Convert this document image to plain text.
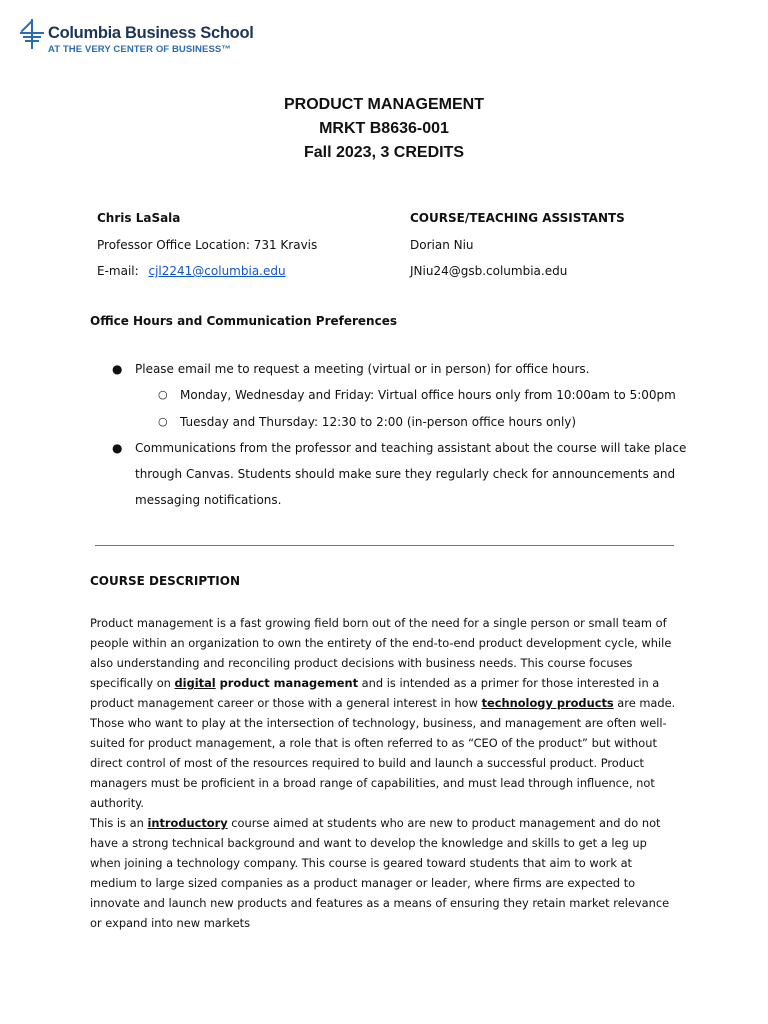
Columbia Business School
AT THE VERY CENTER OF BUSINESS™
PRODUCT MANAGEMENT
MRKT B8636-001
Fall 2023, 3 CREDITS
Chris LaSala
Professor Office Location: 731 Kravis
E-mail: cjl2241@columbia.edu
COURSE/TEACHING ASSISTANTS
Dorian Niu
JNiu24@gsb.columbia.edu
Office Hours and Communication Preferences
●	Please email me to request a meeting (virtual or in person) for office hours.
○	Monday, Wednesday and Friday: Virtual office hours only from 10:00am to 5:00pm
○	Tuesday and Thursday: 12:30 to 2:00 (in-person office hours only)
●	Communications from the professor and teaching assistant about the course will take place through Canvas. Students should make sure they regularly check for announcements and messaging notifications.
COURSE DESCRIPTION
Product management is a fast growing field born out of the need for a single person or small team of people within an organization to own the entirety of the end-to-end product development cycle, while also understanding and reconciling product decisions with business needs. This course focuses specifically on digital product management and is intended as a primer for those interested in a product management career or those with a general interest in how technology products are made. Those who want to play at the intersection of technology, business, and management are often well-suited for product management, a role that is often referred to as “CEO of the product” but without direct control of most of the resources required to build and launch a successful product. Product managers must be proficient in a broad range of capabilities, and must lead through influence, not authority.
This is an introductory course aimed at students who are new to product management and do not have a strong technical background and want to develop the knowledge and skills to get a leg up when joining a technology company. This course is geared toward students that aim to work at medium to large sized companies as a product manager or leader, where firms are expected to innovate and launch new products and features as a means of ensuring they retain market relevance or expand into new markets
